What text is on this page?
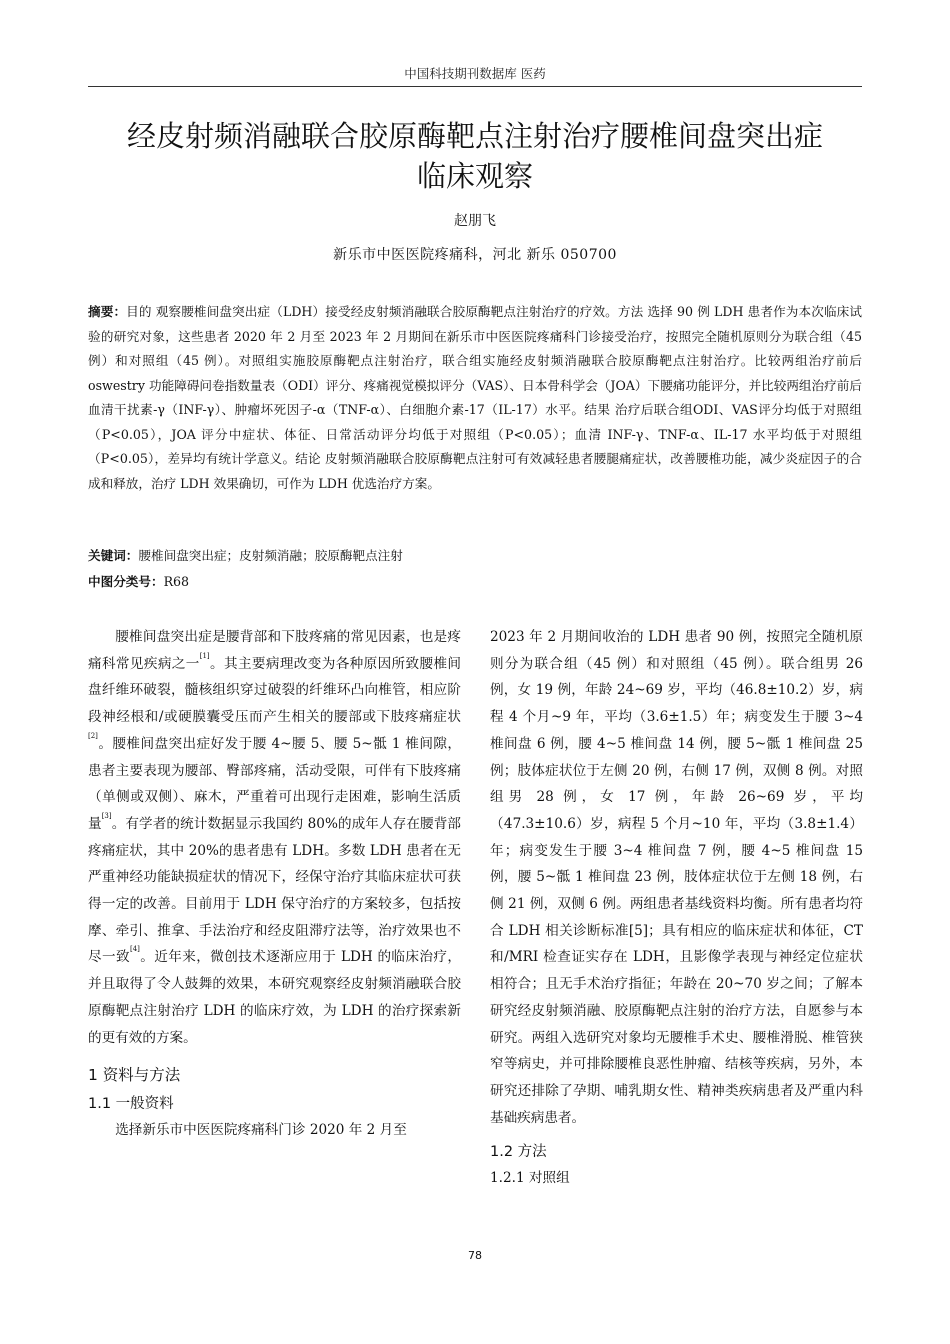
中国科技期刊数据库 医药
经皮射频消融联合胶原酶靶点注射治疗腰椎间盘突出症
临床观察
赵朋飞
新乐市中医医院疼痛科，河北 新乐 050700
摘要：目的 观察腰椎间盘突出症（LDH）接受经皮射频消融联合胶原酶靶点注射治疗的疗效。方法 选择 90 例 LDH 患者作为本次临床试验的研究对象，这些患者 2020 年 2 月至 2023 年 2 月期间在新乐市中医医院疼痛科门诊接受治疗，按照完全随机原则分为联合组（45 例）和对照组（45 例）。对照组实施胶原酶靶点注射治疗，联合组实施经皮射频消融联合胶原酶靶点注射治疗。比较两组治疗前后 oswestry 功能障碍问卷指数量表（ODI）评分、疼痛视觉模拟评分（VAS）、日本骨科学会（JOA）下腰痛功能评分，并比较两组治疗前后血清干扰素-γ（INF-γ）、肿瘤坏死因子-α（TNF-α）、白细胞介素-17（IL-17）水平。结果 治疗后联合组ODI、VAS评分均低于对照组（P<0.05），JOA 评分中症状、体征、日常活动评分均低于对照组（P<0.05）；血清 INF-γ、TNF-α、IL-17 水平均低于对照组（P<0.05），差异均有统计学意义。结论 皮射频消融联合胶原酶靶点注射可有效减轻患者腰腿痛症状，改善腰椎功能，减少炎症因子的合成和释放，治疗 LDH 效果确切，可作为 LDH 优选治疗方案。
关键词：腰椎间盘突出症；皮射频消融；胶原酶靶点注射
中图分类号：R68

腰椎间盘突出症是腰背部和下肢疼痛的常见因素，也是疼痛科常见疾病之一[1]。其主要病理改变为各种原因所致腰椎间盘纤维环破裂，髓核组织穿过破裂的纤维环凸向椎管，相应阶段神经根和/或硬膜囊受压而产生相关的腰部或下肢疼痛症状[2]。腰椎间盘突出症好发于腰 4~腰 5、腰 5~骶 1 椎间隙，患者主要表现为腰部、臀部疼痛，活动受限，可伴有下肢疼痛（单侧或双侧）、麻木，严重着可出现行走困难，影响生活质量[3]。有学者的统计数据显示我国约 80%的成年人存在腰背部疼痛症状，其中 20%的患者患有 LDH。多数 LDH 患者在无严重神经功能缺损症状的情况下，经保守治疗其临床症状可获得一定的改善。目前用于 LDH 保守治疗的方案较多，包括按摩、牵引、推拿、手法治疗和经皮阻滞疗法等，治疗效果也不尽一致[4]。近年来，微创技术逐渐应用于 LDH 的临床治疗，并且取得了令人鼓舞的效果，本研究观察经皮射频消融联合胶原酶靶点注射治疗 LDH 的临床疗效，为 LDH 的治疗探索新的更有效的方案。

1 资料与方法
1.1 一般资料

选择新乐市中医医院疼痛科门诊 2020 年 2 月至

2023 年 2 月期间收治的 LDH 患者 90 例，按照完全随机原则分为联合组（45 例）和对照组（45 例）。联合组男 26 例，女 19 例，年龄 24~69 岁，平均（46.8±10.2）岁，病程 4 个月~9 年，平均（3.6±1.5）年；病变发生于腰 3~4 椎间盘 6 例，腰 4~5 椎间盘 14 例，腰 5~骶 1 椎间盘 25 例；肢体症状位于左侧 20 例，右侧 17 例，双侧 8 例。对照组男 28 例，女 17 例，年龄 26~69 岁，平均（47.3±10.6）岁，病程 5 个月~10 年，平均（3.8±1.4）年；病变发生于腰 3~4 椎间盘 7 例，腰 4~5 椎间盘 15 例，腰 5~骶 1 椎间盘 23 例，肢体症状位于左侧 18 例，右侧 21 例，双侧 6 例。两组患者基线资料均衡。所有患者均符合 LDH 相关诊断标准[5]；具有相应的临床症状和体征，CT 和/MRI 检查证实存在 LDH，且影像学表现与神经定位症状相符合；且无手术治疗指征；年龄在 20~70 岁之间；了解本研究经皮射频消融、胶原酶靶点注射的治疗方法，自愿参与本研究。两组入选研究对象均无腰椎手术史、腰椎滑脱、椎管狭窄等病史，并可排除腰椎良恶性肿瘤、结核等疾病，另外，本研究还排除了孕期、哺乳期女性、精神类疾病患者及严重内科基础疾病患者。

1.2 方法
1.2.1 对照组
78
